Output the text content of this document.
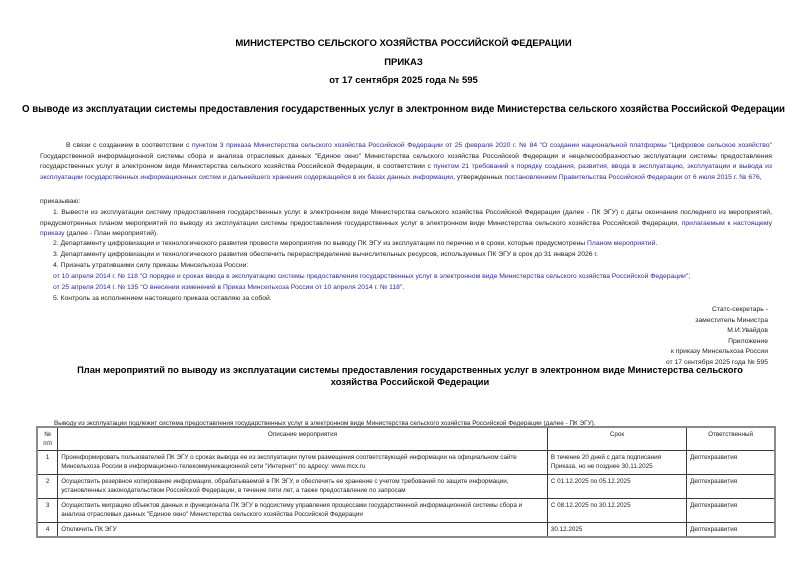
МИНИСТЕРСТВО СЕЛЬСКОГО ХОЗЯЙСТВА РОССИЙСКОЙ ФЕДЕРАЦИИ
ПРИКАЗ
от 17 сентября 2025 года № 595
О выводе из эксплуатации системы предоставления государственных услуг в электронном виде Министерства сельского хозяйства Российской Федерации
В связи с созданием в соответствии с пунктом 3 приказа Министерства сельского хозяйства Российской Федерации от 25 февраля 2020 г. № 84 "О создании национальной платформы "Цифровое сельское хозяйство" Государственной информационной системы сбора и анализа отраслевых данных "Единое окно" Министерства сельского хозяйства Российской Федерации и нецелесообразностью эксплуатации системы предоставления государственных услуг в электронном виде Министерства сельского хозяйства Российской Федерации, в соответствии с пунктом 21 требований к порядку создания, развития, ввода в эксплуатацию, эксплуатации и вывода из эксплуатации государственных информационных систем и дальнейшего хранения содержащейся в их базах данных информации, утвержденных постановлением Правительства Российской Федерации от 6 июля 2015 г. № 676,
приказываю:
1. Вывести из эксплуатации систему предоставления государственных услуг в электронном виде Министерства сельского хозяйства Российской Федерации (далее - ПК ЭГУ) с даты окончания последнего из мероприятий, предусмотренных планом мероприятий по выводу из эксплуатации системы предоставления государственных услуг в электронном виде Министерства сельского хозяйства Российской Федерации, прилагаемым к настоящему приказу (далее - План мероприятий).
2. Департаменту цифровизации и технологического развития провести мероприятия по выводу ПК ЭГУ из эксплуатации по перечню и в сроки, которые предусмотрены Планом мероприятий.
3. Департаменту цифровизации и технологического развития обеспечить перераспределение вычислительных ресурсов, используемых ПК ЭГУ в срок до 31 января 2026 г.
4. Признать утратившими силу приказы Минсельхоза России:
от 10 апреля 2014 г. № 118 "О порядке и сроках ввода в эксплуатацию системы предоставления государственных услуг в электронном виде Министерства сельского хозяйства Российской Федерации";
от 25 апреля 2014 г. № 135 "О внесении изменений в Приказ Минсельхоза России от 10 апреля 2014 г. № 118".
5. Контроль за исполнением настоящего приказа оставляю за собой.
Статс-секретарь -
заместитель Министра
М.И.Увайдов
Приложение
к приказу Минсельхоза России
от 17 сентября 2025 года № 595
План мероприятий по выводу из эксплуатации системы предоставления государственных услуг в электронном виде Министерства сельского хозяйства Российской Федерации
Выводу из эксплуатации подлежит система предоставления государственных услуг в электронном виде Министерства сельского хозяйства Российской Федерации (далее - ПК ЭГУ).
№ п/п	Описание мероприятия	Срок	Ответственный
1	Проинформировать пользователей ПК ЭГУ о сроках вывода ее из эксплуатации путем размещения соответствующей информации на официальном сайте Минсельхоза России в информационно-телекоммуникационной сети "Интернет" по адресу: www.mcx.ru	В течение 20 дней с дата подписания Приказа, но не позднее 30.11.2025	Дептехразвития
2	Осуществить резервное копирование информации, обрабатываемой в ПК ЭГУ, и обеспечить ее хранение с учетом требований по защите информации, установленных законодательством Российской Федерации, в течение пяти лет, а также предоставление по запросам	С 01.12.2025 по 05.12.2025	Дептехразвития
3	Осуществить миграцию объектов данных и функционала ПК ЭГУ в подсистему управления процессами государственной информационной системы сбора и анализа отраслевых данных "Единое окно" Министерства сельского хозяйства Российской Федерации	С 08.12.2025 по 30.12.2025	Дептехразвития
4	Отключить ПК ЭГУ	30.12.2025	Дептехразвития
